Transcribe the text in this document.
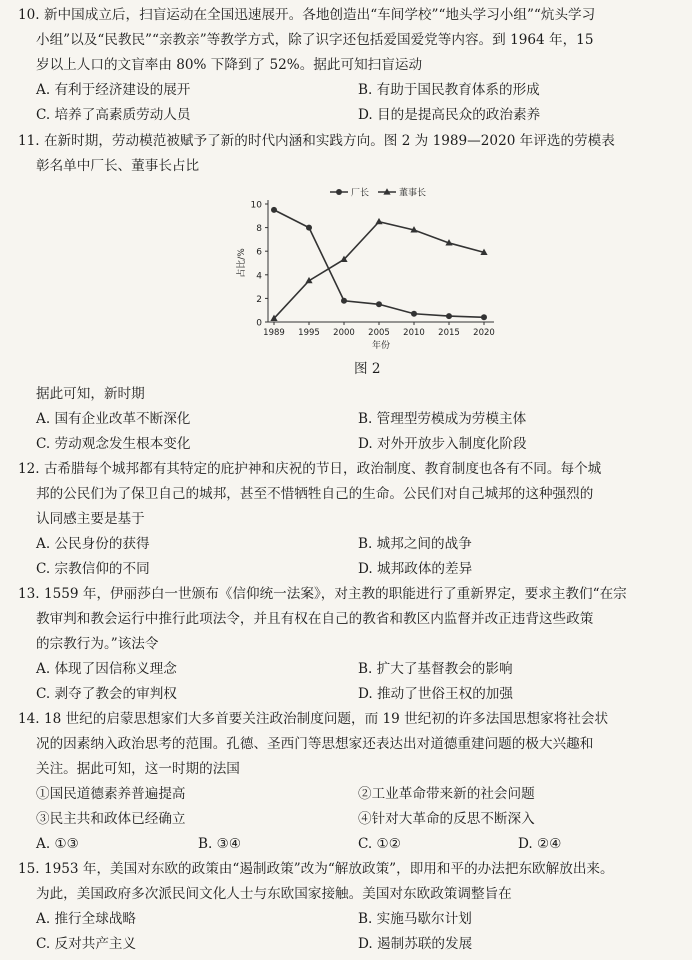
10. 新中国成立后，扫盲运动在全国迅速展开。各地创造出“车间学校”“地头学习小组”“炕头学习
小组”以及“民教民”“亲教亲”等教学方式，除了识字还包括爱国爱党等内容。到 1964 年，15
岁以上人口的文盲率由 80% 下降到了 52%。据此可知扫盲运动
A. 有利于经济建设的展开	B. 有助于国民教育体系的形成
C. 培养了高素质劳动人员	D. 目的是提高民众的政治素养
11. 在新时期，劳动模范被赋予了新的时代内涵和实践方向。图 2 为 1989—2020 年评选的劳模表
彰名单中厂长、董事长占比
0
2
4
6
8
10
1989 1995 2000 2005 2010 2015 2020
年份
占比/%
厂长	董事长
图 2
据此可知，新时期
A. 国有企业改革不断深化	B. 管理型劳模成为劳模主体
C. 劳动观念发生根本变化	D. 对外开放步入制度化阶段
12. 古希腊每个城邦都有其特定的庇护神和庆祝的节日，政治制度、教育制度也各有不同。每个城
邦的公民们为了保卫自己的城邦，甚至不惜牺牲自己的生命。公民们对自己城邦的这种强烈的
认同感主要是基于
A. 公民身份的获得	B. 城邦之间的战争
C. 宗教信仰的不同	D. 城邦政体的差异
13. 1559 年，伊丽莎白一世颁布《信仰统一法案》，对主教的职能进行了重新界定，要求主教们“在宗
教审判和教会运行中推行此项法令，并且有权在自己的教省和教区内监督并改正违背这些政策
的宗教行为。”该法令
A. 体现了因信称义理念	B. 扩大了基督教会的影响
C. 剥夺了教会的审判权	D. 推动了世俗王权的加强
14. 18 世纪的启蒙思想家们大多首要关注政治制度问题，而 19 世纪初的许多法国思想家将社会状
况的因素纳入政治思考的范围。孔德、圣西门等思想家还表达出对道德重建问题的极大兴趣和
关注。据此可知，这一时期的法国
①国民道德素养普遍提高	②工业革命带来新的社会问题
③民主共和政体已经确立	④针对大革命的反思不断深入
A. ①③	B. ③④	C. ①②	D. ②④
15. 1953 年，美国对东欧的政策由“遏制政策”改为“解放政策”，即用和平的办法把东欧解放出来。
为此，美国政府多次派民间文化人士与东欧国家接触。美国对东欧政策调整旨在
A. 推行全球战略	B. 实施马歇尔计划
C. 反对共产主义	D. 遏制苏联的发展
